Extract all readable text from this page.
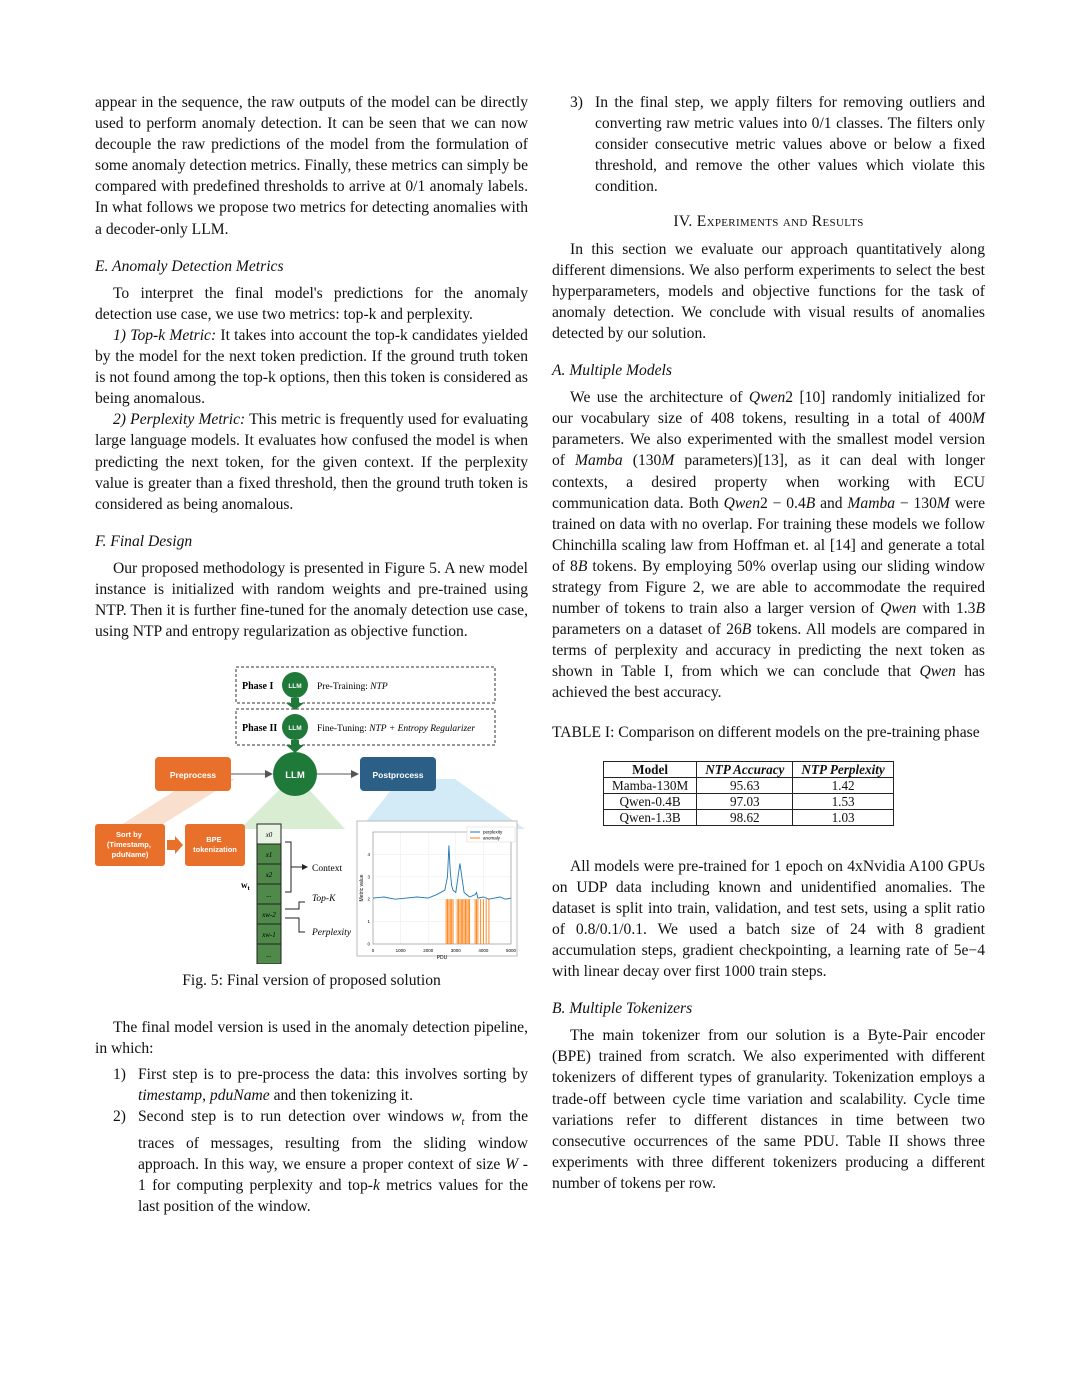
appear in the sequence, the raw outputs of the model can be directly used to perform anomaly detection. It can be seen that we can now decouple the raw predictions of the model from the formulation of some anomaly detection metrics. Finally, these metrics can simply be compared with predefined thresholds to arrive at 0/1 anomaly labels. In what follows we propose two metrics for detecting anomalies with a decoder-only LLM.

E. Anomaly Detection Metrics

To interpret the final model's predictions for the anomaly detection use case, we use two metrics: top-k and perplexity.

1) Top-k Metric: It takes into account the top-k candidates yielded by the model for the next token prediction. If the ground truth token is not found among the top-k options, then this token is considered as being anomalous.

2) Perplexity Metric: This metric is frequently used for evaluating large language models. It evaluates how confused the model is when predicting the next token, for the given context. If the perplexity value is greater than a fixed threshold, then the ground truth token is considered as being anomalous.

F. Final Design

Our proposed methodology is presented in Figure 5. A new model instance is initialized with random weights and pre-trained using NTP. Then it is further fine-tuned for the anomaly detection use case, using NTP and entropy regularization as objective function.

Phase I
Phase II
LLM
LLM
Pre-Training: NTP
Fine-Tuning: NTP + Entropy Regularizer
Preprocess	LLM	Postprocess
Sort by (Timestamp, pduName)
BPE tokenization
x0
x1
x2
...
xw-2
xw-1
...
$w_t$
Context
Top-K
Perplexity
0	1000	2000	3000	4000	5000
0
1
2
3
4
perplexity
anomaly
PDU
Metric value

Fig. 5: Final version of proposed solution

The final model version is used in the anomaly detection pipeline, in which:

1) First step is to pre-process the data: this involves sorting by timestamp, pduName and then tokenizing it.
2) Second step is to run detection over windows $w_t$ from the traces of messages, resulting from the sliding window approach. In this way, we ensure a proper context of size W - 1 for computing perplexity and top-k metrics values for the last position of the window.
3) In the final step, we apply filters for removing outliers and converting raw metric values into 0/1 classes. The filters only consider consecutive metric values above or below a fixed threshold, and remove the other values which violate this condition.
IV. Experiments and Results

In this section we evaluate our approach quantitatively along different dimensions. We also perform experiments to select the best hyperparameters, models and objective functions for the task of anomaly detection. We conclude with visual results of anomalies detected by our solution.

A. Multiple Models

We use the architecture of Qwen2 [10] randomly initialized for our vocabulary size of 408 tokens, resulting in a total of 400M parameters. We also experimented with the smallest model version of Mamba (130M parameters)[13], as it can deal with longer contexts, a desired property when working with ECU communication data. Both Qwen2 − 0.4B and Mamba − 130M were trained on data with no overlap. For training these models we follow Chinchilla scaling law from Hoffman et. al [14] and generate a total of 8B tokens. By employing 50% overlap using our sliding window strategy from Figure 2, we are able to accommodate the required number of tokens to train also a larger version of Qwen with 1.3B parameters on a dataset of 26B tokens. All models are compared in terms of perplexity and accuracy in predicting the next token as shown in Table I, from which we can conclude that Qwen has achieved the best accuracy.

TABLE I: Comparison on different models on the pre-training phase

Model	NTP Accuracy	NTP Perplexity
Mamba-130M	95.63	1.42
Qwen-0.4B	97.03	1.53
Qwen-1.3B	98.62	1.03

All models were pre-trained for 1 epoch on 4xNvidia A100 GPUs on UDP data including known and unidentified anomalies. The dataset is split into train, validation, and test sets, using a split ratio of 0.8/0.1/0.1. We used a batch size of 24 with 8 gradient accumulation steps, gradient checkpointing, a learning rate of 5e−4 with linear decay over first 1000 train steps.

B. Multiple Tokenizers

The main tokenizer from our solution is a Byte-Pair encoder (BPE) trained from scratch. We also experimented with different tokenizers of different types of granularity. Tokenization employs a trade-off between cycle time variation and scalability. Cycle time variations refer to different distances in time between two consecutive occurrences of the same PDU. Table II shows three experiments with three different tokenizers producing a different number of tokens per row.
